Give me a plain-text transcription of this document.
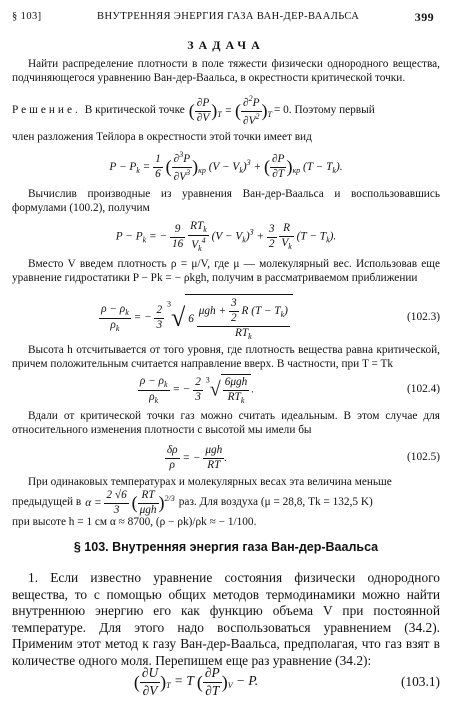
§ 103]	ВНУТРЕННЯЯ ЭНЕРГИЯ ГАЗА ВАН-ДЕР-ВААЛЬСА	399
ЗАДАЧА
Найти распределение плотности в поле тяжести физически однородного вещества, подчиняющегося уравнению Ван-дер-Ваальса, в окрестности критической точки.
Решение. В критической точке ( $\frac{\partial P}{\partial V} )_T$ = ( $\frac{\partial^2P}{\partial V^2} )_T = 0$. Поэтому первый
член разложения Тейлора в окрестности этой точки имеет вид
$P - P_k = \frac{1}{6}$ ( $\frac{\partial^3P}{\partial V^3} )_{кр}$ $(V - V_k)^3$ + ( $\frac{\partial P}{\partial T} )_{кр}$ $(T - T_k)$.
Вычислив производные из уравнения Ван-дер-Ваальса и воспользовавшись формулами (100.2), получим
$P - P_k$ = − $\frac{9}{16}$
$\frac{RT_k}{V_k^4} (V - V_k)^3 + \frac{3}{2}$
$\frac{R}{V_k} (T - T_k)$.
Вместо V введем плотность ρ = μ/V, где μ — молекулярный вес. Использовав еще уравнение гидростатики P − Pk = − ρkgh, получим в рассматриваемом приближении
$\frac{\rho - \rho_k}{\rho_k}$ = − $\frac{2}{3} ^3√6 \frac{\mu gh + \frac{3}{2} R (T - T_k)}{RT_k}$	(102.3)
Высота h отсчитывается от того уровня, где плотность вещества равна критической, причем положительным считается направление вверх. В частности, при T = Tk
$\frac{\rho - \rho_k}{\rho_k}$ = − $\frac{2}{3} ^3√ \frac{\text{6μgh}}{RT_k}$ .	(102.4)
Вдали от критической точки газ можно считать идеальным. В этом случае для относительного изменения плотности с высотой мы имели бы
$\frac{\delta\rho}{\rho}$ = − $\frac{\text{μgh}}{RT}$ .	(102.5)
При одинаковых температурах и молекулярных весах эта величина меньше
предыдущей в $\alpha = \frac{2 √6}{3}$ ( $\frac{RT}{\text{μgh}} )^{2/3}$ раз. Для воздуха (μ = 28,8, Tk = 132,5 K)
при высоте h = 1 см α ≈ 8700, (ρ − ρk)/ρk ≈ − 1/100.
§ 103. Внутренняя энергия газа Ван-дер-Ваальса
1. Если известно уравнение состояния физически однородного вещества, то с помощью общих методов термодинамики можно найти внутреннюю энергию его как функцию объема V при постоянной температуре. Для этого надо воспользоваться уравнением (34.2). Применим этот метод к газу Ван-дер-Ваальса, предполагая, что газ взят в количестве одного моля. Перепишем еще раз уравнение (34.2):
( $\frac{\partial U}{\partial V} )_T = T$ ( $\frac{\partial P}{\partial T} )_V - P$.	(103.1)
